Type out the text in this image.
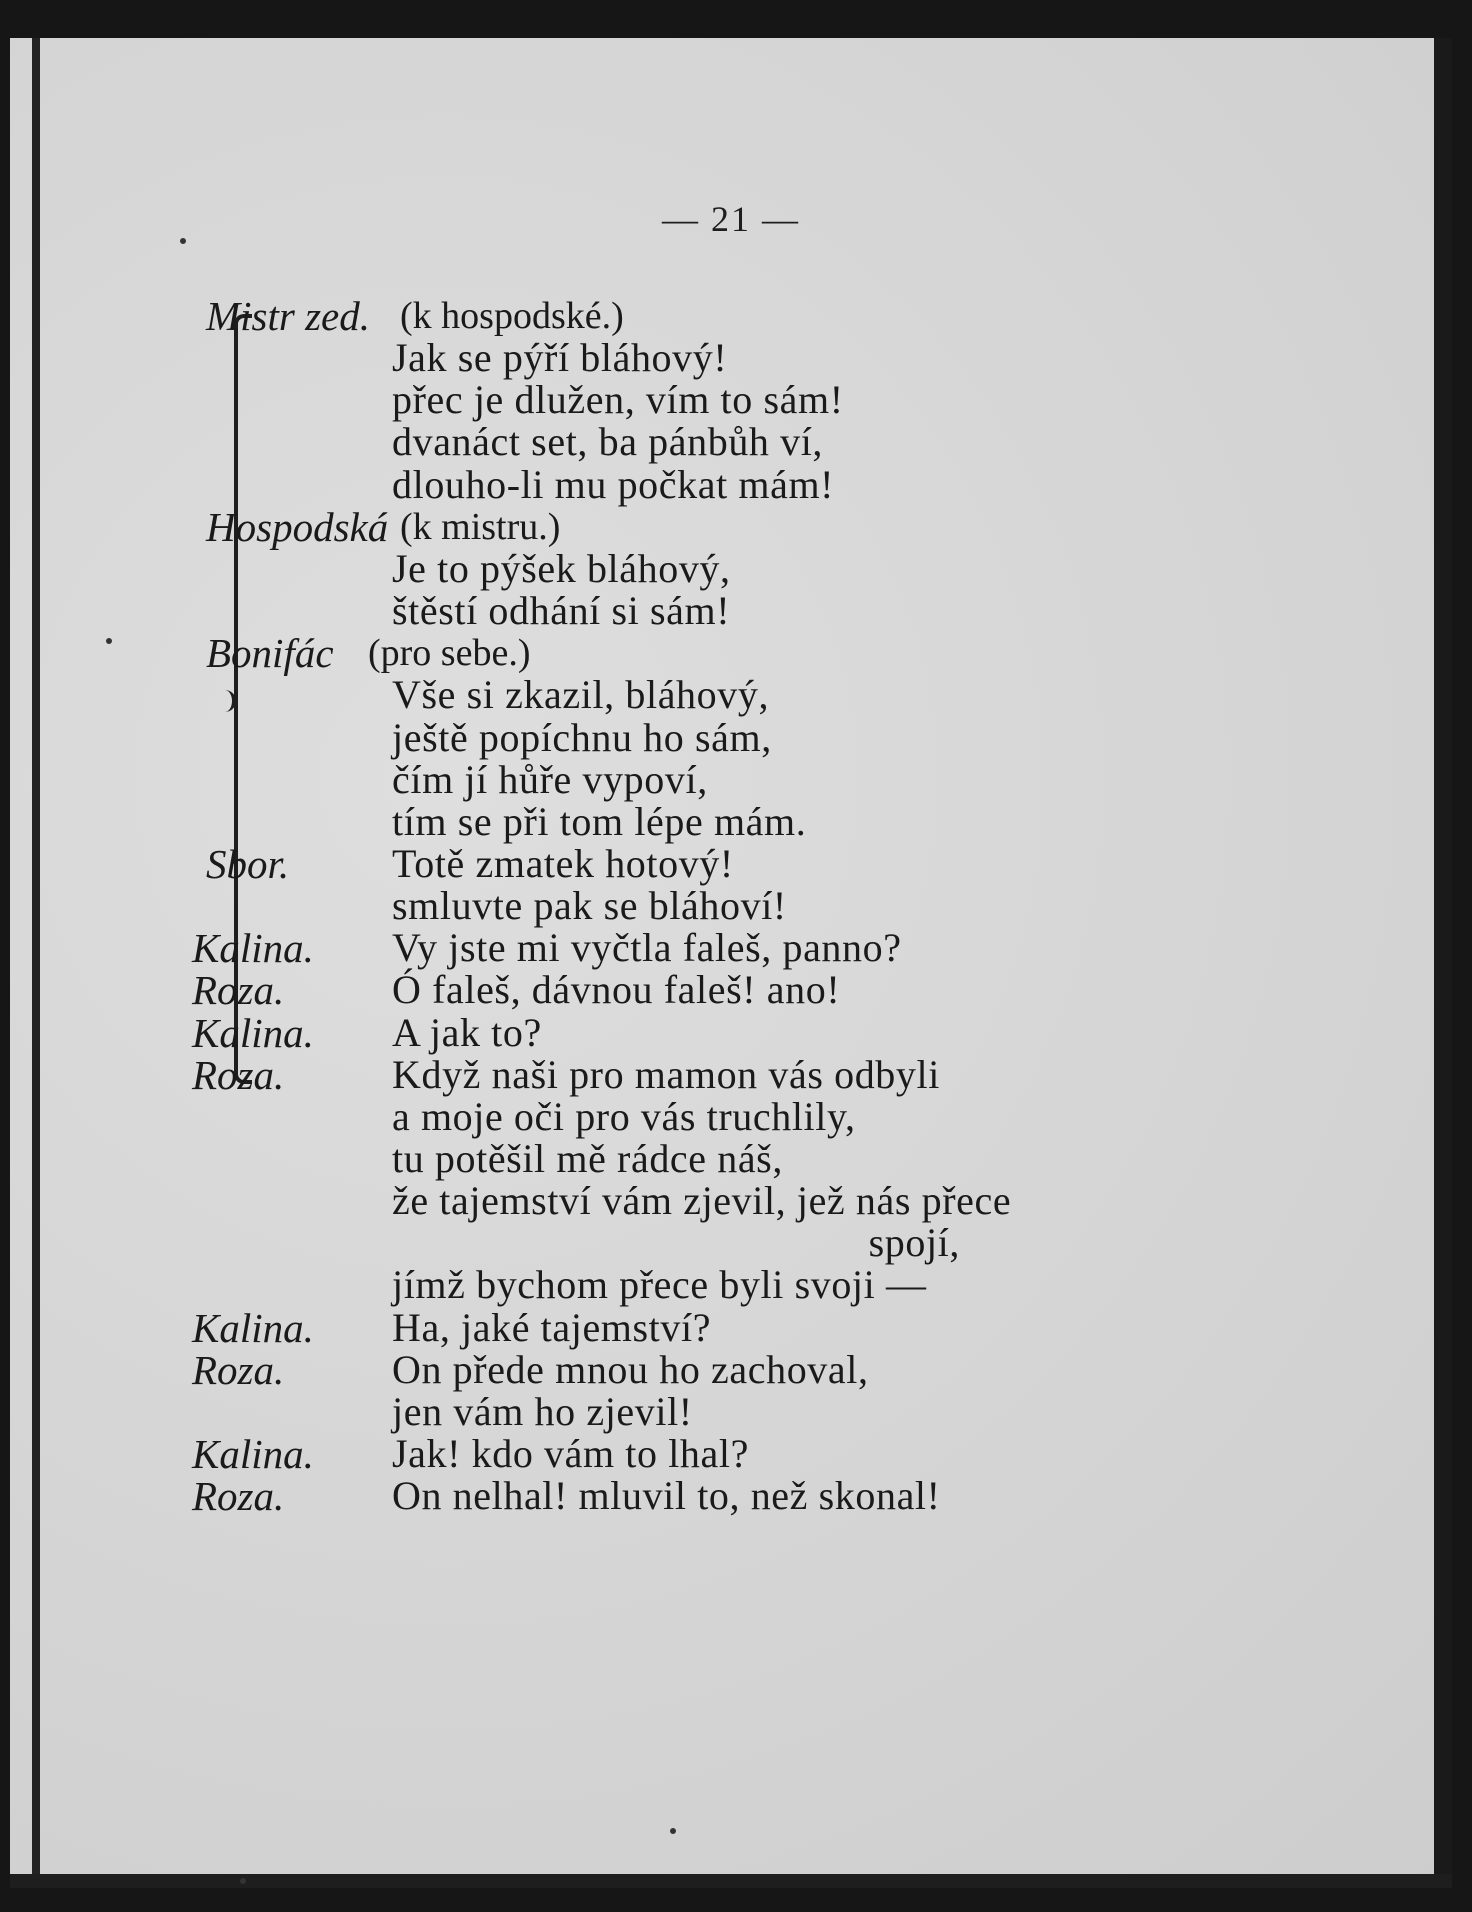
— 21 —
Mistr zed. (k hospodské.)
Jak se pýří bláhový!
přec je dlužen, vím to sám!
dvanáct set, ba pánbůh ví,
dlouho-li mu počkat mám!
Hospodská (k mistru.)
Je to pýšek bláhový,
štěstí odhání si sám!
Bonifác (pro sebe.)
Vše si zkazil, bláhový,
ještě popíchnu ho sám,
čím jí hůře vypoví,
tím se při tom lépe mám.
Sbor.	Totě zmatek hotový!
smluvte pak se bláhoví!
Kalina. Vy jste mi vyčtla faleš, panno?
Roza.	Ó faleš, dávnou faleš! ano!
Kalina. A jak to?
Roza.	Když naši pro mamon vás odbyli
a moje oči pro vás truchlily,
tu potěšil mě rádce náš,
že tajemství vám zjevil, jež nás přece
spojí,
jímž bychom přece byli svoji —
Kalina. Ha, jaké tajemství?
Roza.	On přede mnou ho zachoval,
jen vám ho zjevil!
Kalina. Jak! kdo vám to lhal?
Roza.	On nelhal! mluvil to, než skonal!
